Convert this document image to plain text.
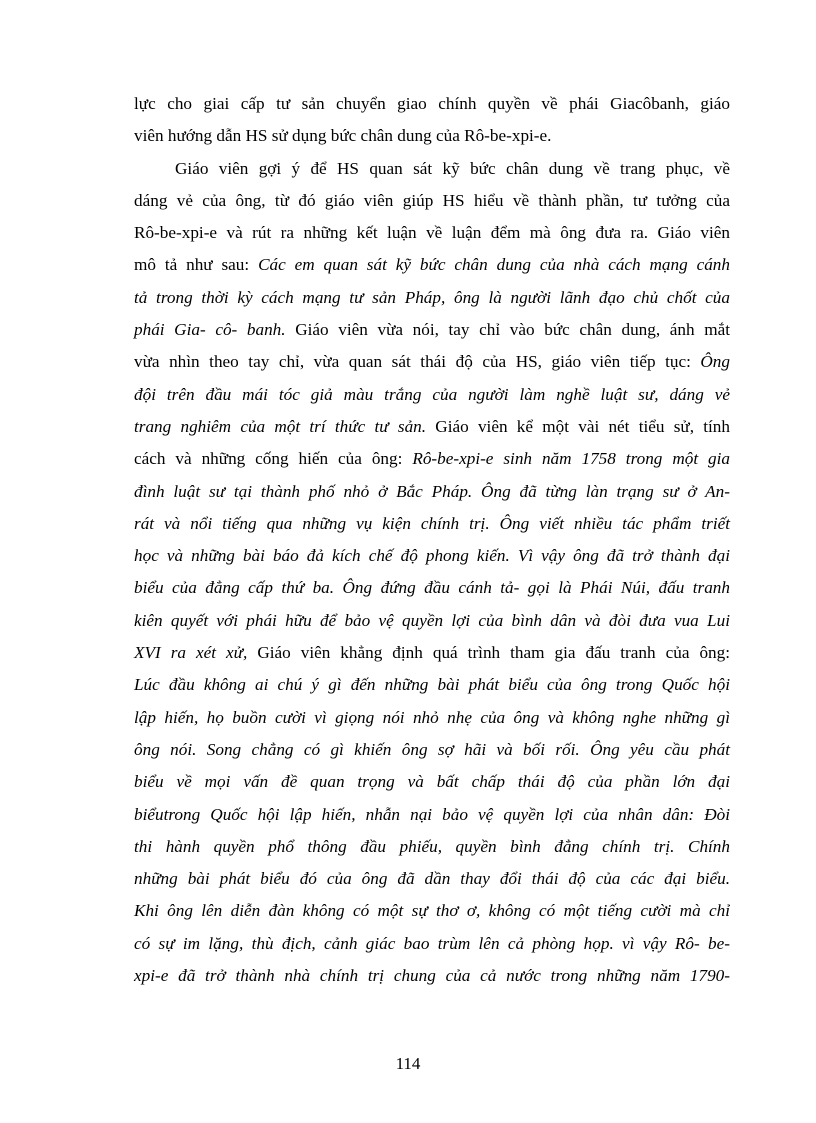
lực cho giai cấp tư sản chuyển giao chính quyền về phái Giacôbanh, giáo
viên hướng dẫn HS sử dụng bức chân dung của Rô-be-xpi-e.
Giáo viên gợi ý để HS quan sát kỹ bức chân dung về trang phục, về
dáng vẻ của ông, từ đó giáo viên giúp HS hiểu về thành phần, tư tưởng của
Rô-be-xpi-e và rút ra những kết luận về luận đểm mà ông đưa ra. Giáo viên
mô tả như sau: Các em quan sát kỹ bức chân dung của nhà cách mạng cánh
tả trong thời kỳ cách mạng tư sản Pháp, ông là người lãnh đạo chủ chốt của
phái Gia- cô- banh. Giáo viên vừa nói, tay chỉ vào bức chân dung, ánh mắt
vừa nhìn theo tay chỉ, vừa quan sát thái độ của HS, giáo viên tiếp tục: Ông
đội trên đầu mái tóc giả màu trắng của người làm nghề luật sư, dáng vẻ
trang nghiêm của một trí thức tư sản. Giáo viên kể một vài nét tiểu sử, tính
cách và những cống hiến của ông: Rô-be-xpi-e sinh năm 1758 trong một gia
đình luật sư tại thành phố nhỏ ở Bắc Pháp. Ông đã từng làn trạng sư ở An-
rát và nổi tiếng qua những vụ kiện chính trị. Ông viết nhiều tác phẩm triết
học và những bài báo đả kích chế độ phong kiến. Vì vậy ông đã trở thành đại
biểu của đẳng cấp thứ ba. Ông đứng đầu cánh tả- gọi là Phái Núi, đấu tranh
kiên quyết với phái hữu để bảo vệ quyền lợi của bình dân và đòi đưa vua Lui
XVI ra xét xử, Giáo viên khẳng định quá trình tham gia đấu tranh của ông:
Lúc đầu không ai chú ý gì đến những bài phát biểu của ông trong Quốc hội
lập hiến, họ buồn cười vì giọng nói nhỏ nhẹ của ông và không nghe những gì
ông nói. Song chẳng có gì khiến ông sợ hãi và bối rối. Ông yêu cầu phát
biểu về mọi vấn đề quan trọng và bất chấp thái độ của phần lớn đại
biểutrong Quốc hội lập hiến, nhẫn nại bảo vệ quyền lợi của nhân dân: Đòi
thi hành quyền phổ thông đầu phiếu, quyền bình đẳng chính trị. Chính
những bài phát biểu đó của ông đã dần thay đổi thái độ của các đại biểu.
Khi ông lên diễn đàn không có một sự thơ ơ, không có một tiếng cười mà chỉ
có sự im lặng, thù địch, cảnh giác bao trùm lên cả phòng họp. vì vậy Rô- be-
xpi-e đã trở thành nhà chính trị chung của cả nước trong những năm 1790-
114
